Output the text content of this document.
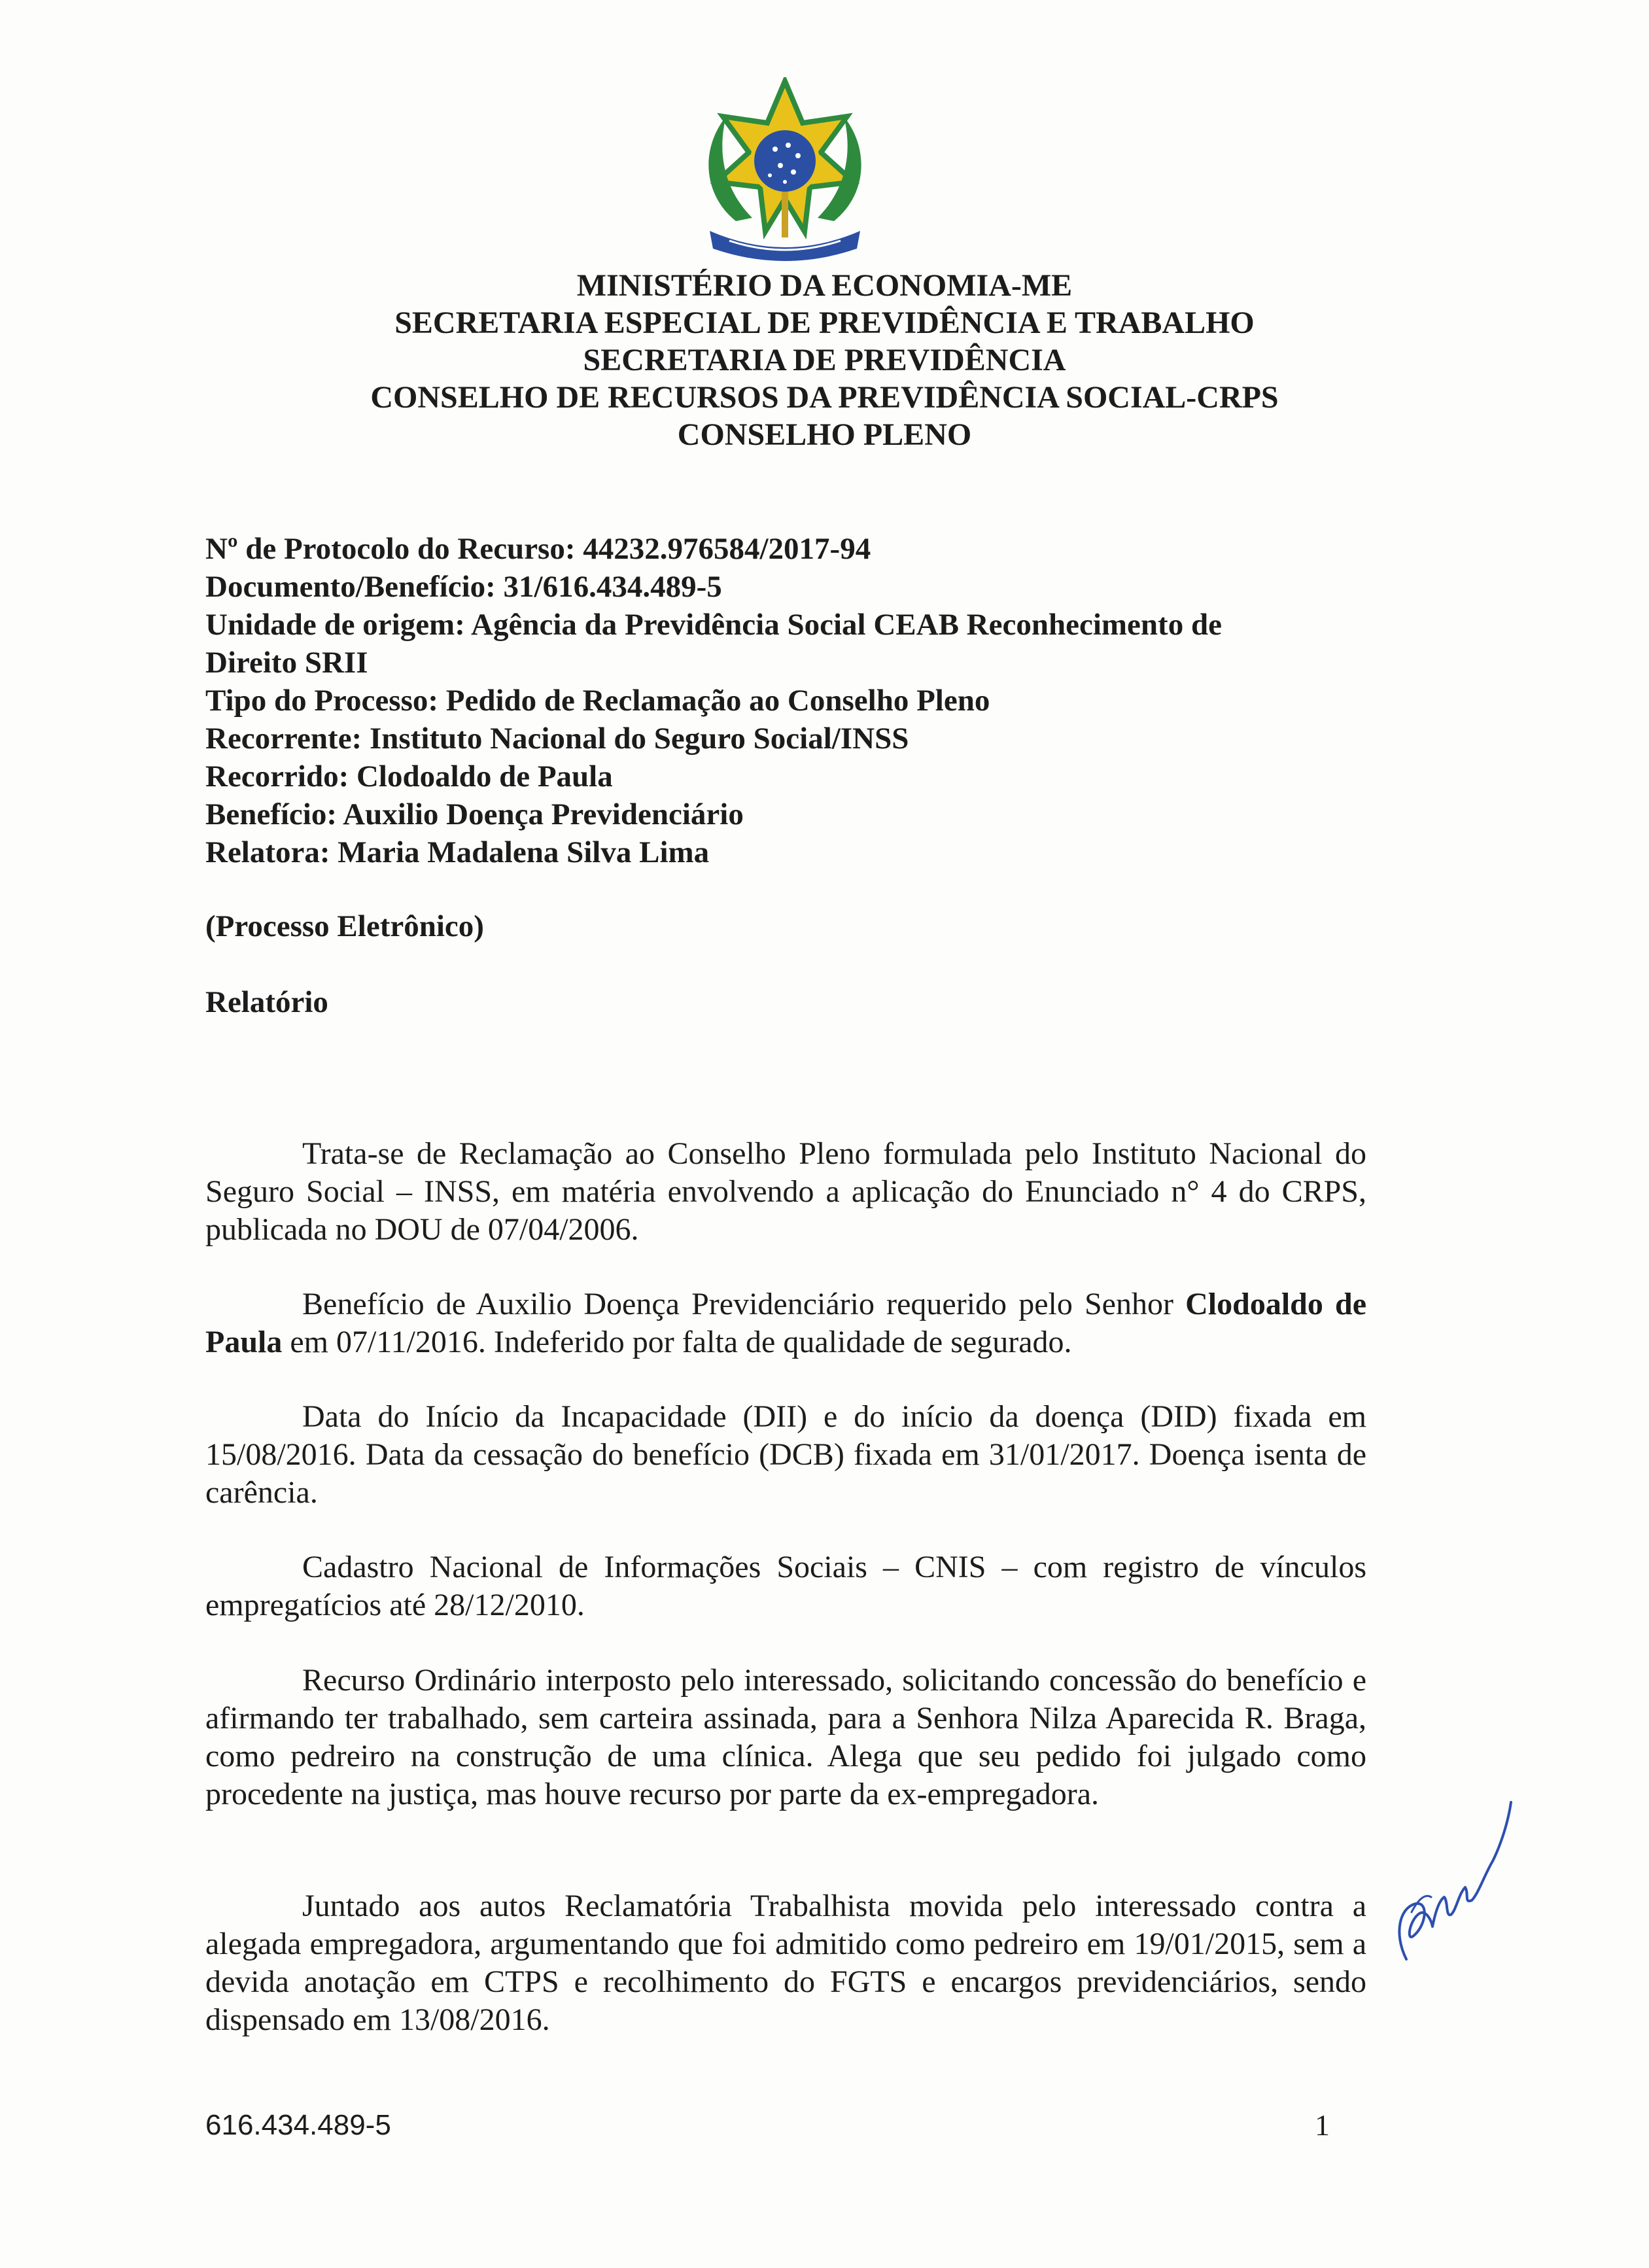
MINISTÉRIO DA ECONOMIA-ME
SECRETARIA ESPECIAL DE PREVIDÊNCIA E TRABALHO
SECRETARIA DE PREVIDÊNCIA
CONSELHO DE RECURSOS DA PREVIDÊNCIA SOCIAL-CRPS
CONSELHO PLENO
Nº de Protocolo do Recurso: 44232.976584/2017-94
Documento/Benefício: 31/616.434.489-5
Unidade de origem: Agência da Previdência Social CEAB Reconhecimento de Direito SRII
Tipo do Processo: Pedido de Reclamação ao Conselho Pleno
Recorrente: Instituto Nacional do Seguro Social/INSS
Recorrido: Clodoaldo de Paula
Benefício: Auxilio Doença Previdenciário
Relatora: Maria Madalena Silva Lima
(Processo Eletrônico)
Relatório

Trata-se de Reclamação ao Conselho Pleno formulada pelo Instituto Nacional do Seguro Social – INSS, em matéria envolvendo a aplicação do Enunciado n° 4 do CRPS, publicada no DOU de 07/04/2006.

Benefício de Auxilio Doença Previdenciário requerido pelo Senhor Clodoaldo de Paula em 07/11/2016. Indeferido por falta de qualidade de segurado.

Data do Início da Incapacidade (DII) e do início da doença (DID) fixada em 15/08/2016. Data da cessação do benefício (DCB) fixada em 31/01/2017. Doença isenta de carência.

Cadastro Nacional de Informações Sociais – CNIS – com registro de vínculos empregatícios até 28/12/2010.

Recurso Ordinário interposto pelo interessado, solicitando concessão do benefício e afirmando ter trabalhado, sem carteira assinada, para a Senhora Nilza Aparecida R. Braga, como pedreiro na construção de uma clínica. Alega que seu pedido foi julgado como procedente na justiça, mas houve recurso por parte da ex-empregadora.

Juntado aos autos Reclamatória Trabalhista movida pelo interessado contra a alegada empregadora, argumentando que foi admitido como pedreiro em 19/01/2015, sem a devida anotação em CTPS e recolhimento do FGTS e encargos previdenciários, sendo dispensado em 13/08/2016.

616.434.489-5	1
